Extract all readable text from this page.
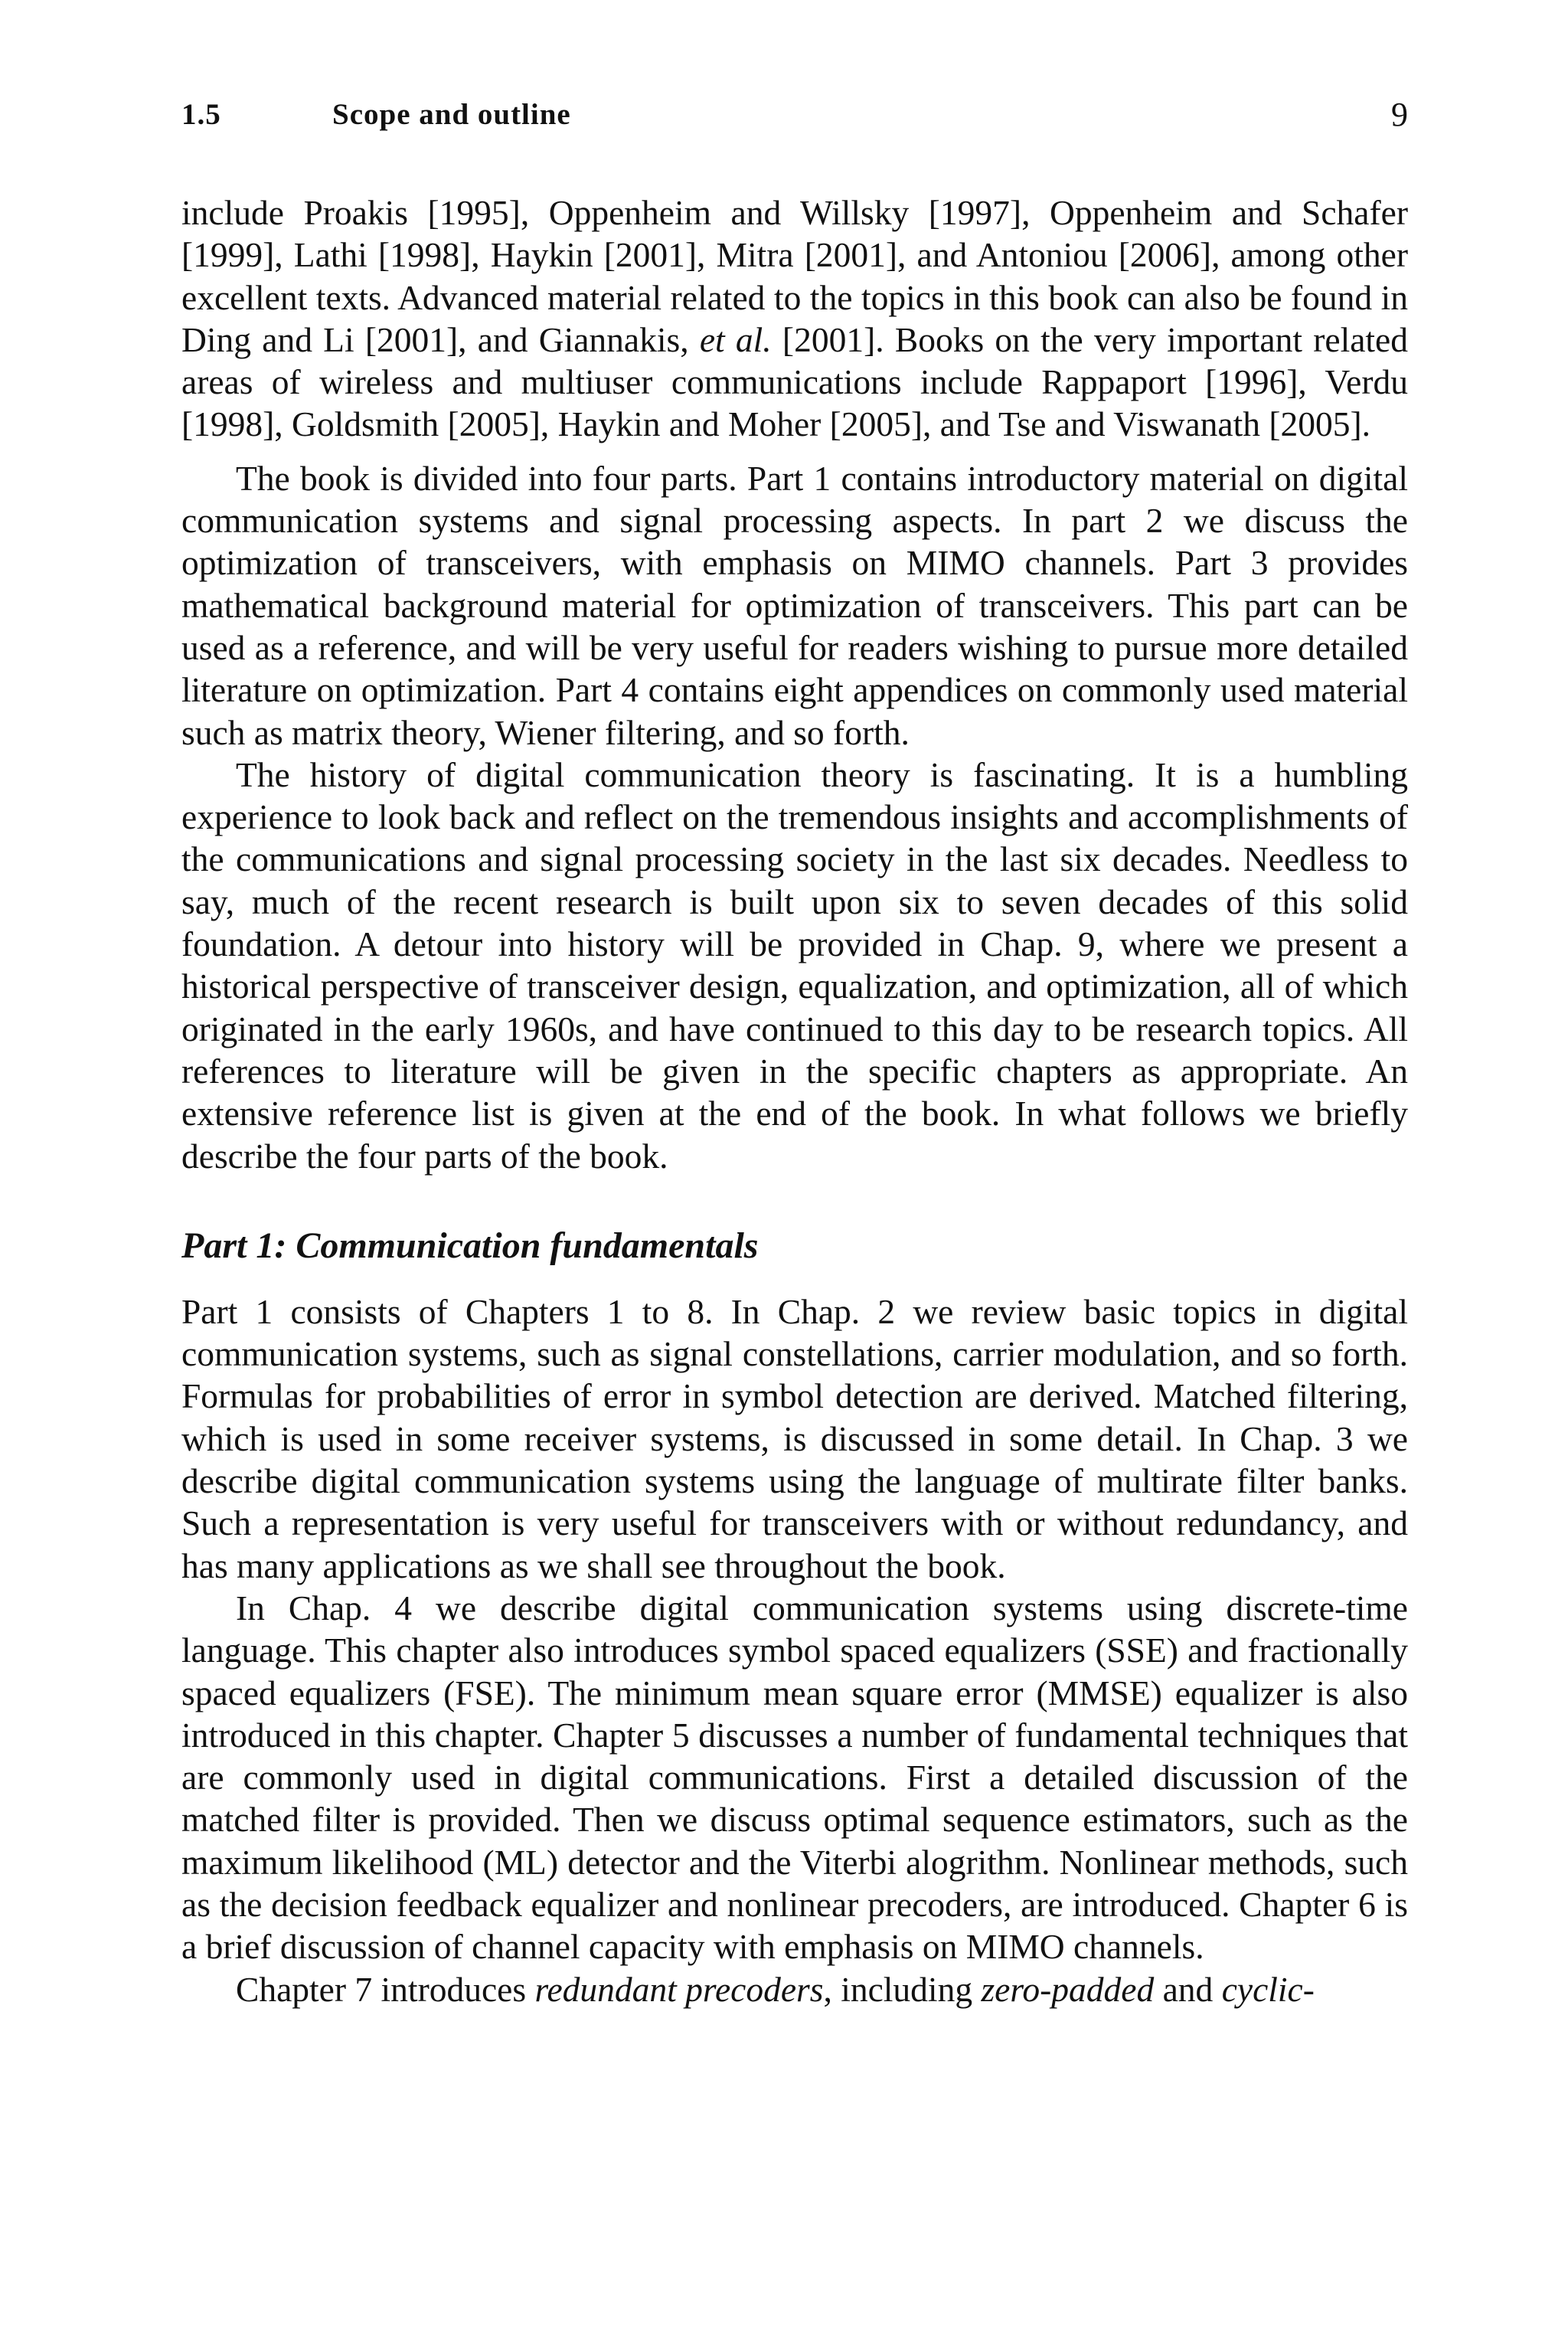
1.5	Scope and outline	9

include Proakis [1995], Oppenheim and Willsky [1997], Oppenheim and Schafer [1999], Lathi [1998], Haykin [2001], Mitra [2001], and Antoniou [2006], among other excellent texts. Advanced material related to the topics in this book can also be found in Ding and Li [2001], and Giannakis, et al. [2001]. Books on the very important related areas of wireless and multiuser communications include Rappaport [1996], Verdu [1998], Goldsmith [2005], Haykin and Moher [2005], and Tse and Viswanath [2005].

The book is divided into four parts. Part 1 contains introductory material on digital communication systems and signal processing aspects. In part 2 we discuss the optimization of transceivers, with emphasis on MIMO channels. Part 3 provides mathematical background material for optimization of transceivers. This part can be used as a reference, and will be very useful for readers wishing to pursue more detailed literature on optimization. Part 4 contains eight appendices on commonly used material such as matrix theory, Wiener filtering, and so forth.

The history of digital communication theory is fascinating. It is a humbling experience to look back and reflect on the tremendous insights and accomplishments of the communications and signal processing society in the last six decades. Needless to say, much of the recent research is built upon six to seven decades of this solid foundation. A detour into history will be provided in Chap. 9, where we present a historical perspective of transceiver design, equalization, and optimization, all of which originated in the early 1960s, and have continued to this day to be research topics. All references to literature will be given in the specific chapters as appropriate. An extensive reference list is given at the end of the book. In what follows we briefly describe the four parts of the book.

Part 1: Communication fundamentals

Part 1 consists of Chapters 1 to 8. In Chap. 2 we review basic topics in digital communication systems, such as signal constellations, carrier modulation, and so forth. Formulas for probabilities of error in symbol detection are derived. Matched filtering, which is used in some receiver systems, is discussed in some detail. In Chap. 3 we describe digital communication systems using the language of multirate filter banks. Such a representation is very useful for transceivers with or without redundancy, and has many applications as we shall see throughout the book.

In Chap. 4 we describe digital communication systems using discrete-time language. This chapter also introduces symbol spaced equalizers (SSE) and fractionally spaced equalizers (FSE). The minimum mean square error (MMSE) equalizer is also introduced in this chapter. Chapter 5 discusses a number of fundamental techniques that are commonly used in digital communications. First a detailed discussion of the matched filter is provided. Then we discuss optimal sequence estimators, such as the maximum likelihood (ML) detector and the Viterbi alogrithm. Nonlinear methods, such as the decision feedback equalizer and nonlinear precoders, are introduced. Chapter 6 is a brief discussion of channel capacity with emphasis on MIMO channels.

Chapter 7 introduces redundant precoders, including zero-padded and cyclic-
